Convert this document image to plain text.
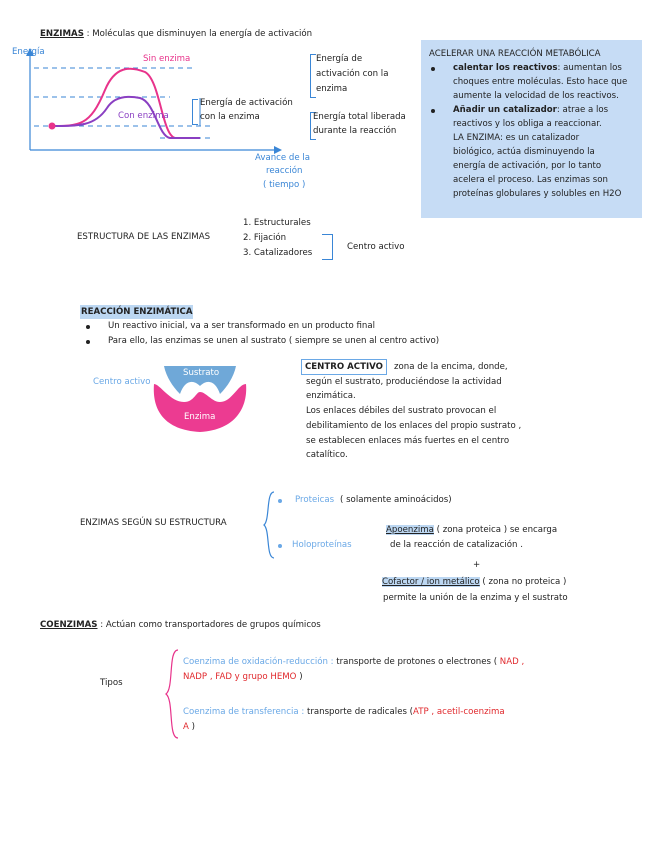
ENZIMAS : Moléculas que disminuyen la energía de activación
Energía
Sin enzima
Con enzima
Avance de la
reacción
( tiempo )
Energía de
activación con la
enzima
Energía de activación
con la enzima	Energía total liberada
durante la reacción
ACELERAR UNA REACCIÓN METABÓLICA
calentar los reactivos: aumentan los
choques entre moléculas. Esto hace que
aumente la velocidad de los reactivos.
Añadir un catalizador: atrae a los
reactivos y los obliga a reaccionar.
LA ENZIMA: es un catalizador
biológico, actúa disminuyendo la
energía de activación, por lo tanto
acelera el proceso. Las enzimas son
proteínas globulares y solubles en H2O
ESTRUCTURA DE LAS ENZIMAS
1. Estructurales
2. Fijación
3. Catalizadores
Centro activo
REACCIÓN ENZIMÁTICA
Un reactivo inicial, va a ser transformado en un producto final
Para ello, las enzimas se unen al sustrato ( siempre se unen al centro activo)
Sustrato
Centro activo
Enzima
CENTRO ACTIVO	zona de la encima, donde,
según el sustrato, produciéndose la actividad
enzimática.
Los enlaces débiles del sustrato provocan el
debilitamiento de los enlaces del propio sustrato ,
se establecen enlaces más fuertes en el centro
catalítico.
ENZIMAS SEGÚN SU ESTRUCTURA
Proteicas ( solamente aminoácidos)
Holoproteínas
Apoenzima ( zona proteica ) se encarga
de la reacción de catalización .
+
Cofactor / ion metálico ( zona no proteica )
permite la unión de la enzima y el sustrato
COENZIMAS : Actúan como transportadores de grupos químicos
Tipos
Coenzima de oxidación-reducción : transporte de protones o electrones ( NAD ,
NADP , FAD y grupo HEMO )
Coenzima de transferencia : transporte de radicales (ATP , acetil-coenzima
A )
